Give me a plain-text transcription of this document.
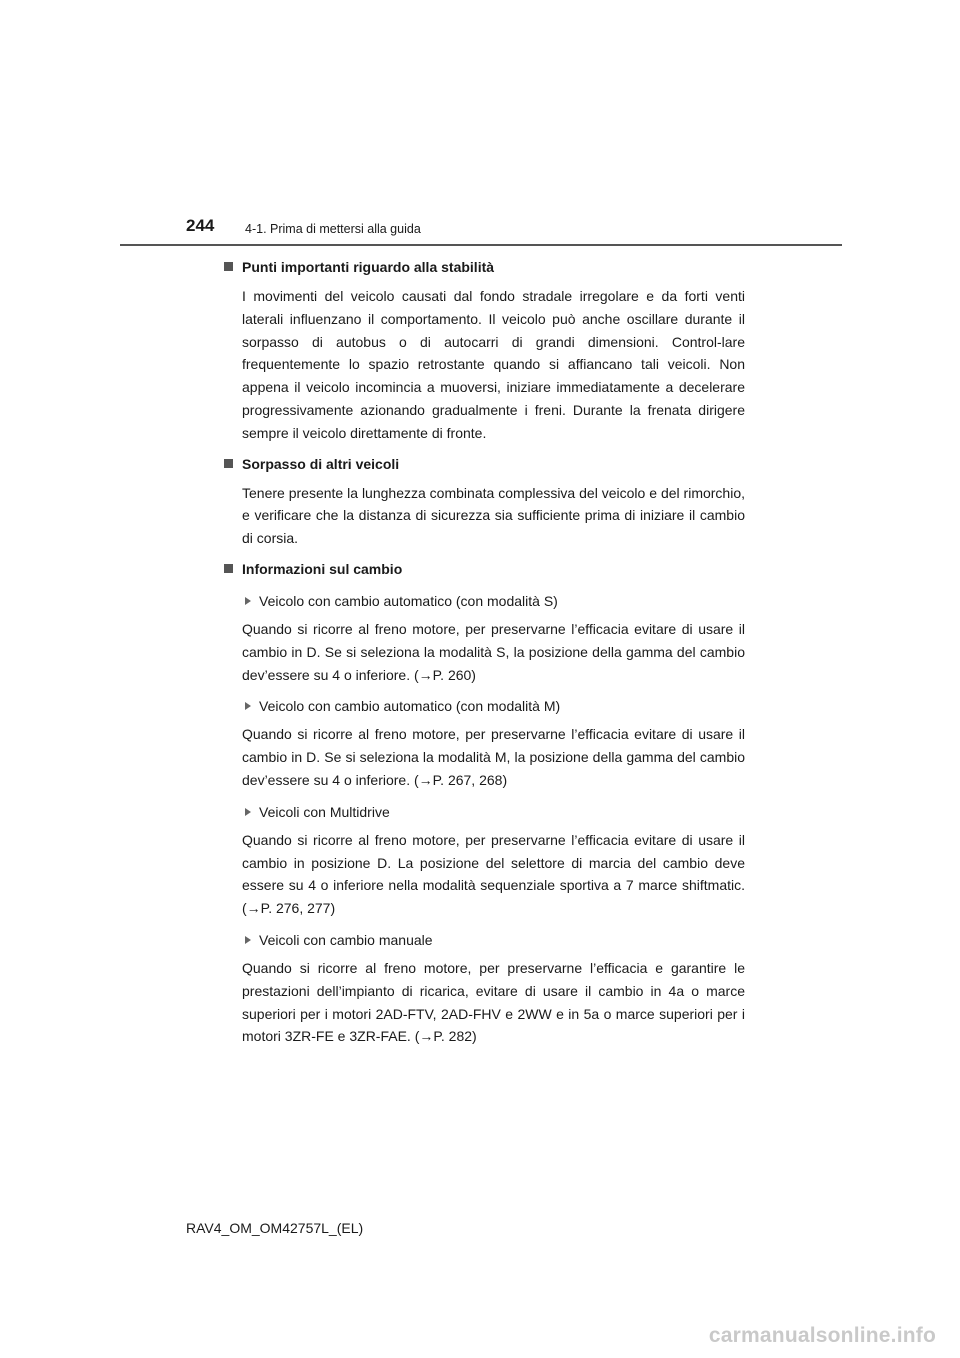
244 4-1. Prima di mettersi alla guida
Punti importanti riguardo alla stabilità
I movimenti del veicolo causati dal fondo stradale irregolare e da forti venti laterali influenzano il comportamento. Il veicolo può anche oscillare durante il sorpasso di autobus o di autocarri di grandi dimensioni. Control-lare frequentemente lo spazio retrostante quando si affiancano tali veicoli. Non appena il veicolo incomincia a muoversi, iniziare immediatamente a decelerare progressivamente azionando gradualmente i freni. Durante la frenata dirigere sempre il veicolo direttamente di fronte.
Sorpasso di altri veicoli
Tenere presente la lunghezza combinata complessiva del veicolo e del rimorchio, e verificare che la distanza di sicurezza sia sufficiente prima di iniziare il cambio di corsia.
Informazioni sul cambio
Veicolo con cambio automatico (con modalità S)
Quando si ricorre al freno motore, per preservarne l’efficacia evitare di usare il cambio in D. Se si seleziona la modalità S, la posizione della gamma del cambio dev’essere su 4 o inferiore. (→P. 260)
Veicolo con cambio automatico (con modalità M)
Quando si ricorre al freno motore, per preservarne l’efficacia evitare di usare il cambio in D. Se si seleziona la modalità M, la posizione della gamma del cambio dev’essere su 4 o inferiore. (→P. 267, 268)
Veicoli con Multidrive
Quando si ricorre al freno motore, per preservarne l’efficacia evitare di usare il cambio in posizione D. La posizione del selettore di marcia del cambio deve essere su 4 o inferiore nella modalità sequenziale sportiva a 7 marce shiftmatic. (→P. 276, 277)
Veicoli con cambio manuale
Quando si ricorre al freno motore, per preservarne l’efficacia e garantire le prestazioni dell’impianto di ricarica, evitare di usare il cambio in 4a o marce superiori per i motori 2AD-FTV, 2AD-FHV e 2WW e in 5a o marce superiori per i motori 3ZR-FE e 3ZR-FAE. (→P. 282)
RAV4_OM_OM42757L_(EL)
carmanualsonline.info
